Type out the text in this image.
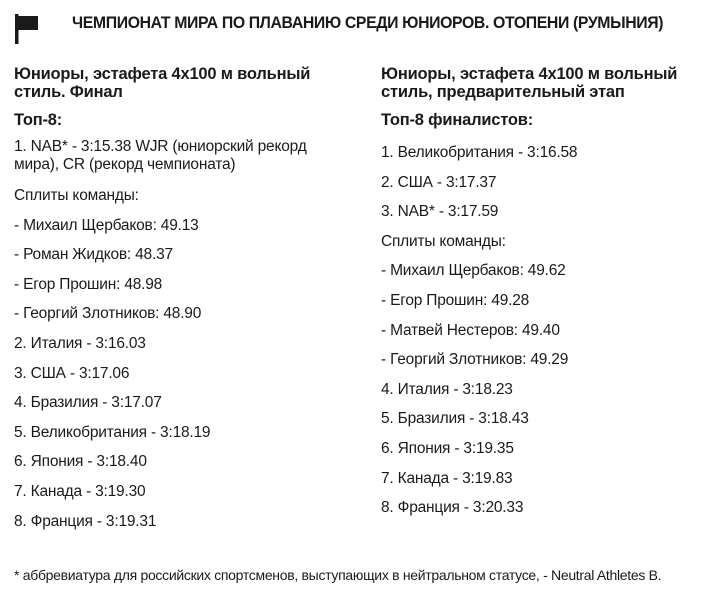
ЧЕМПИОНАТ МИРА ПО ПЛАВАНИЮ СРЕДИ ЮНИОРОВ. ОТОПЕНИ (РУМЫНИЯ)
Юниоры, эстафета 4x100 м вольный
стиль. Финал
Топ-8:
1. NAB* - 3:15.38 WJR (юниорский рекорд мира), CR (рекорд чемпионата)
Сплиты команды:
- Михаил Щербаков: 49.13
- Роман Жидков: 48.37
- Егор Прошин: 48.98
- Георгий Злотников: 48.90
2. Италия - 3:16.03
3. США - 3:17.06
4. Бразилия - 3:17.07
5. Великобритания - 3:18.19
6. Япония - 3:18.40
7. Канада - 3:19.30
8. Франция - 3:19.31
Юниоры, эстафета 4x100 м вольный
стиль, предварительный этап
Топ-8 финалистов:
1. Великобритания - 3:16.58
2. США - 3:17.37
3. NAB* - 3:17.59
Сплиты команды:
- Михаил Щербаков: 49.62
- Егор Прошин: 49.28
- Матвей Нестеров: 49.40
- Георгий Злотников: 49.29
4. Италия - 3:18.23
5. Бразилия - 3:18.43
6. Япония - 3:19.35
7. Канада - 3:19.83
8. Франция - 3:20.33
* аббревиатура для российских спортсменов, выступающих в нейтральном статусе, - Neutral Athletes B.
